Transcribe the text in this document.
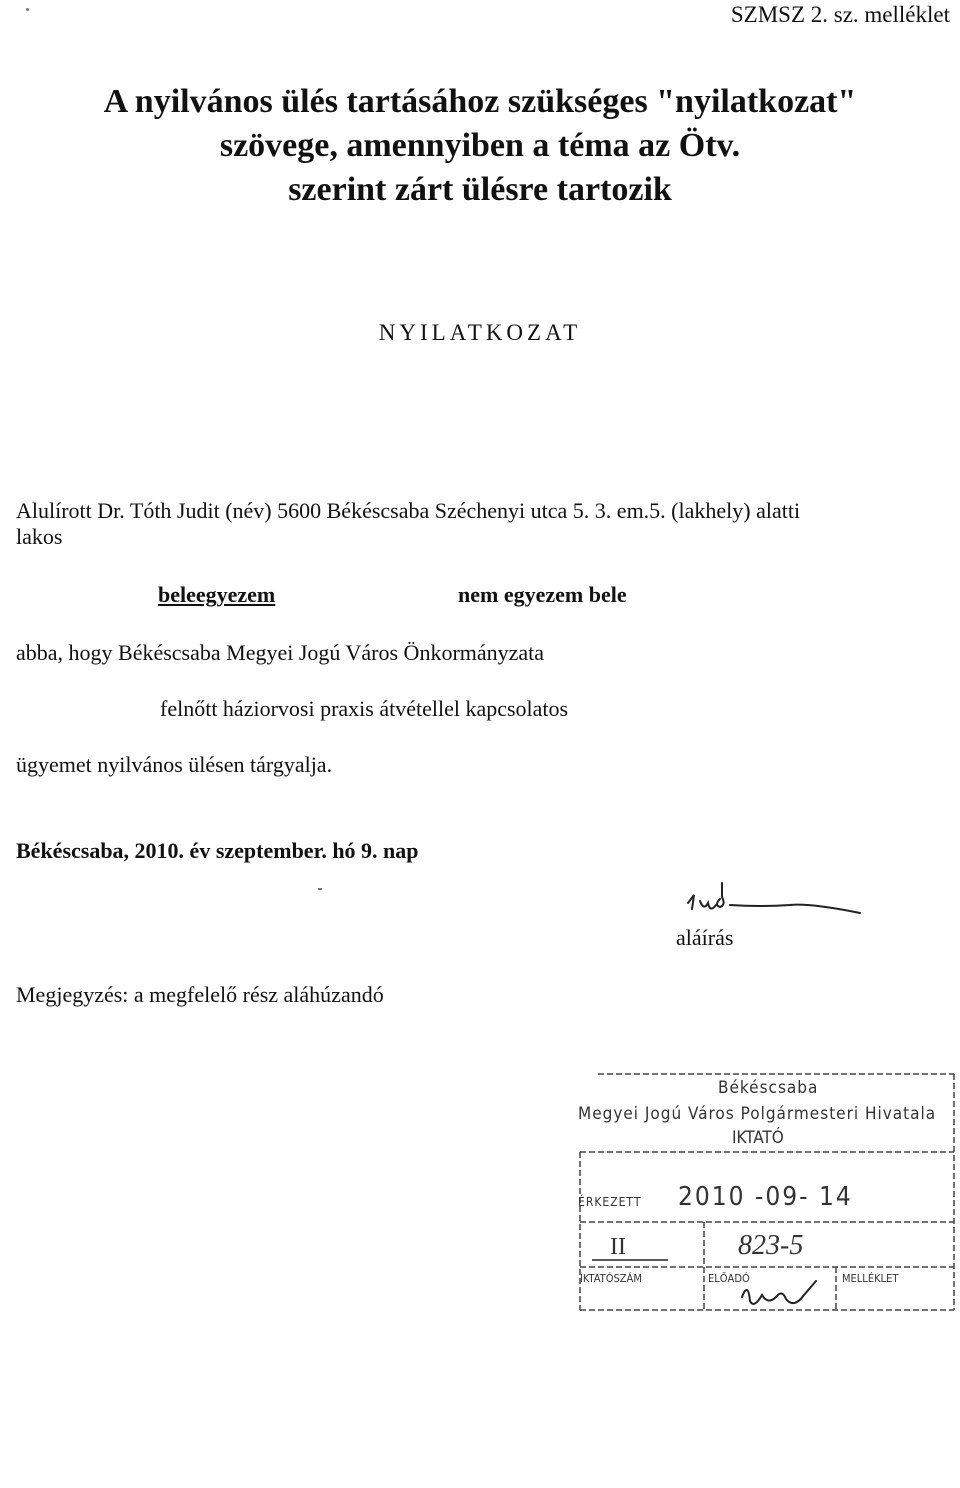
SZMSZ 2. sz. melléklet
A nyilvános ülés tartásához szükséges "nyilatkozat"
szövege, amennyiben a téma az Ötv.
szerint zárt ülésre tartozik
NYILATKOZAT
Alulírott Dr. Tóth Judit (név) 5600 Békéscsaba Széchenyi utca 5. 3. em.5. (lakhely) alatti
lakos
beleegyezem	nem egyezem bele
abba, hogy Békéscsaba Megyei Jogú Város Önkormányzata
felnőtt háziorvosi praxis átvétellel kapcsolatos
ügyemet nyilvános ülésen tárgyalja.
Békéscsaba, 2010. év szeptember. hó 9. nap
aláírás
Megjegyzés: a megfelelő rész aláhúzandó
Békéscsaba
Megyei Jogú Város Polgármesteri Hivatala
IKTATÓ
ÉRKEZETT 2010 -09- 14
II	823-5
IKTATÓSZÁM	ELŐADÓ	MELLÉKLET
